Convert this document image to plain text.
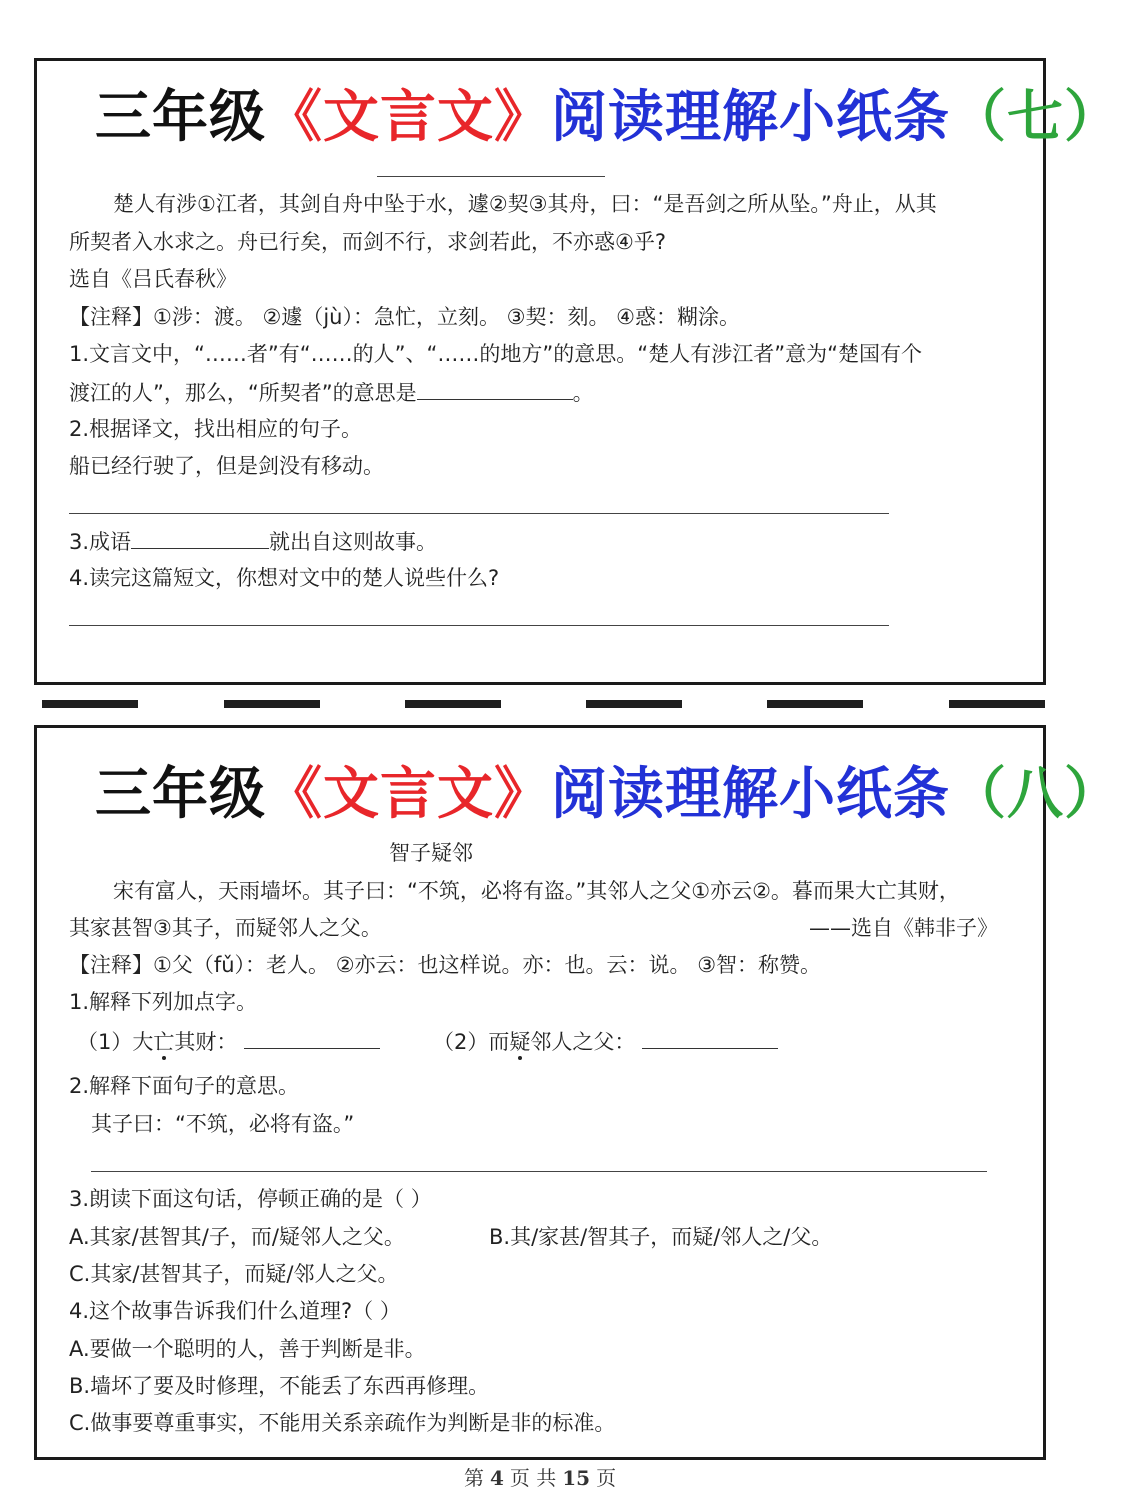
三年级《文言文》阅读理解小纸条（七）
楚人有涉①江者，其剑自舟中坠于水，遽②契③其舟，曰：“是吾剑之所从坠。”舟止，从其
所契者入水求之。舟已行矣，而剑不行，求剑若此，不亦惑④乎?
选自《吕氏春秋》
【注释】①涉：渡。 ②遽（jù）：急忙，立刻。 ③契：刻。 ④惑：糊涂。
1.文言文中，“……者”有“……的人”、“……的地方”的意思。“楚人有涉江者”意为“楚国有个
渡江的人”，那么，“所契者”的意思是	。
2.根据译文，找出相应的句子。
船已经行驶了，但是剑没有移动。
3.成语	就出自这则故事。
4.读完这篇短文，你想对文中的楚人说些什么?
三年级《文言文》阅读理解小纸条（八）
智子疑邻
宋有富人，天雨墙坏。其子曰：“不筑，必将有盗。”其邻人之父①亦云②。暮而果大亡其财，
其家甚智③其子，而疑邻人之父。	——选自《韩非子》
【注释】①父（fǔ）：老人。 ②亦云：也这样说。亦：也。云：说。 ③智：称赞。
1.解释下列加点字。
（1）大亡其财：	（2）而疑邻人之父：
2.解释下面句子的意思。
其子曰：“不筑，必将有盗。”
3.朗读下面这句话，停顿正确的是（ ）
A.其家/甚智其/子，而/疑邻人之父。	B.其/家甚/智其子，而疑/邻人之/父。
C.其家/甚智其子，而疑/邻人之父。
4.这个故事告诉我们什么道理?（ ）
A.要做一个聪明的人，善于判断是非。
B.墙坏了要及时修理，不能丢了东西再修理。
C.做事要尊重事实，不能用关系亲疏作为判断是非的标准。
第 4 页 共 15 页
